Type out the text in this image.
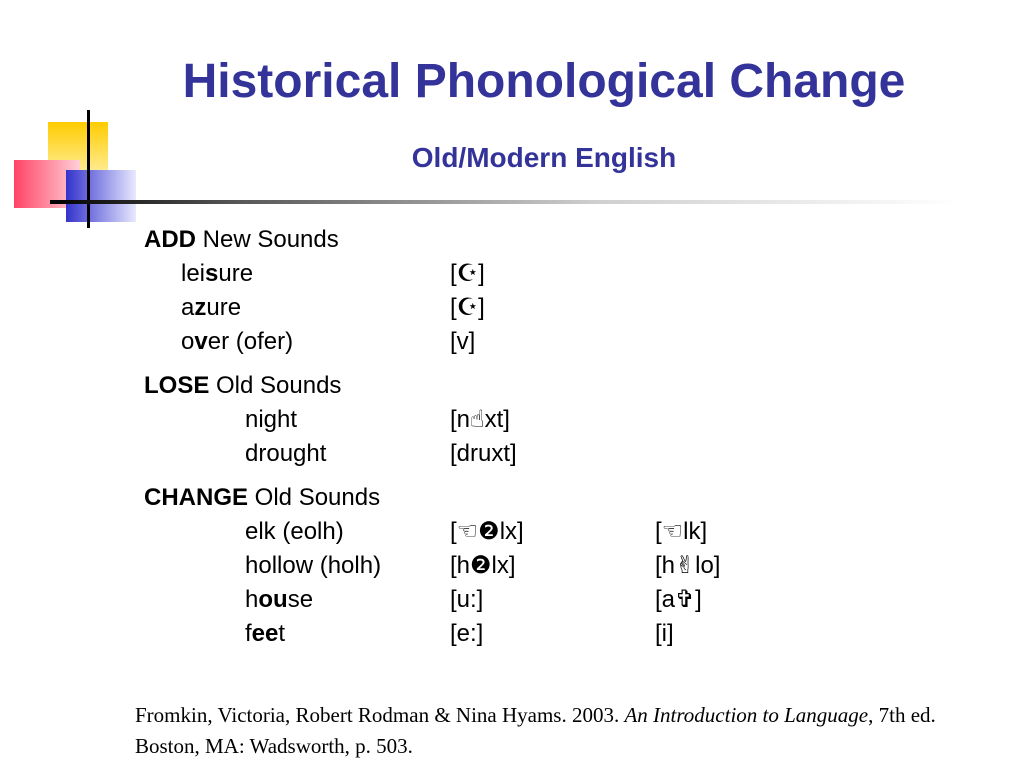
Historical Phonological Change
Old/Modern English
ADD New Sounds
leisure	[☪]
azure	[☪]
over (ofer)	[v]
LOSE Old Sounds
night	[n☝xt]
drought	[druxt]
CHANGE Old Sounds
elk (eolh)	[☜❷lx]	[☜lk]
hollow (holh)	[h❷lx]	[h✌lo]
house	[u:]	[a✞]
feet	[e:]	[i]
Fromkin, Victoria, Robert Rodman & Nina Hyams. 2003. An Introduction to Language, 7th ed. Boston, MA: Wadsworth, p. 503.
